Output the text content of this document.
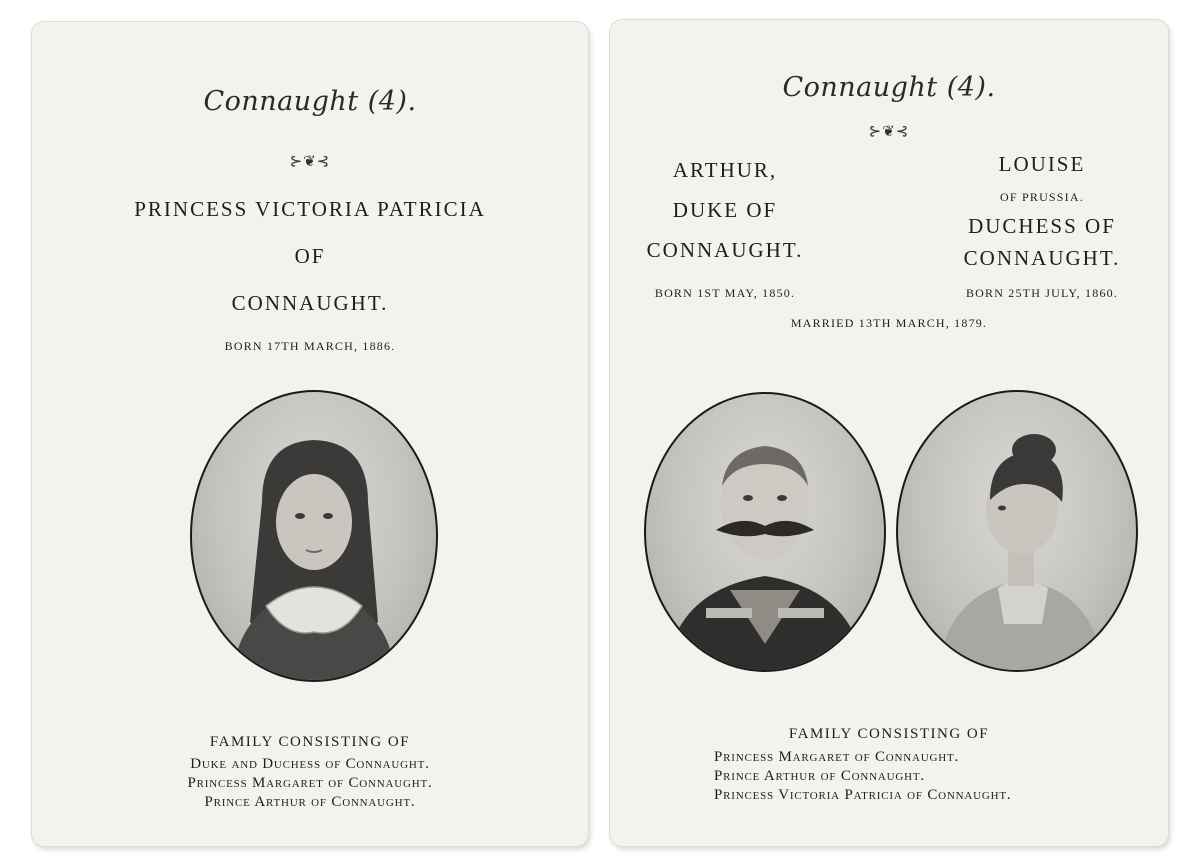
Connaught (4).
⊱❦⊰
PRINCESS VICTORIA PATRICIA
OF
CONNAUGHT.
BORN 17TH MARCH, 1886.
FAMILY CONSISTING OF
Duke and Duchess of Connaught.
Princess Margaret of Connaught.
Prince Arthur of Connaught.
Connaught (4).
⊱❦⊰
ARTHUR,
DUKE OF
CONNAUGHT.
BORN 1ST MAY, 1850.
LOUISE
OF PRUSSIA.
DUCHESS OF
CONNAUGHT.
BORN 25TH JULY, 1860.
MARRIED 13TH MARCH, 1879.
FAMILY CONSISTING OF
Princess Margaret of Connaught.
Prince Arthur of Connaught.
Princess Victoria Patricia of Connaught.
